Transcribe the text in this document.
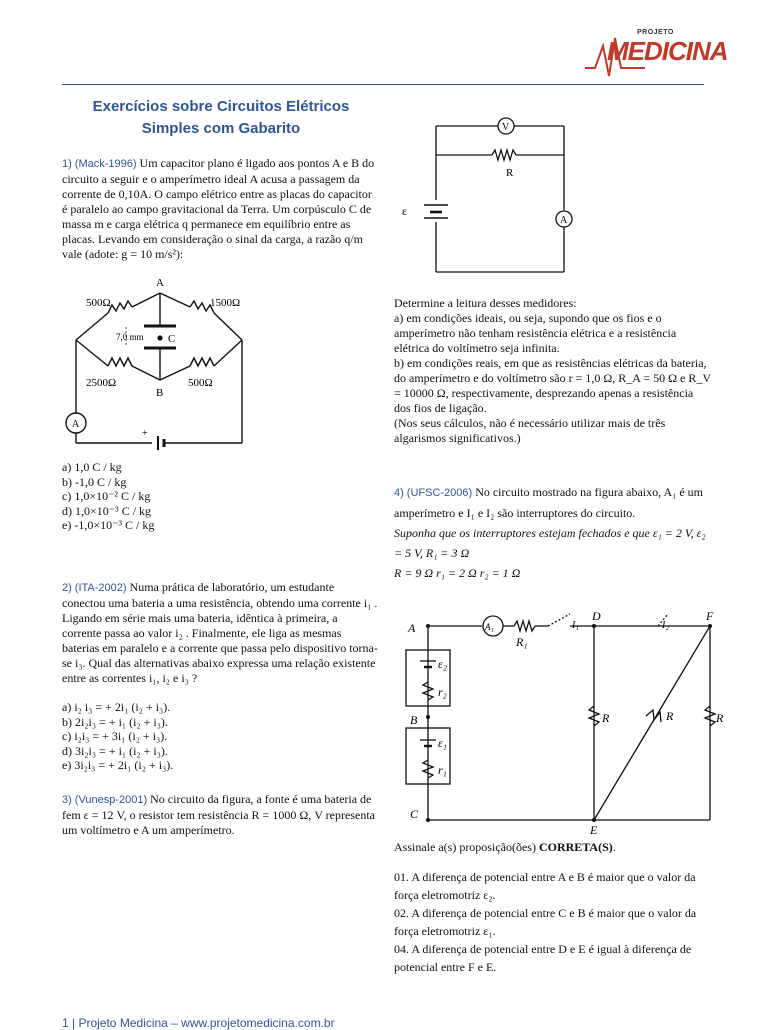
PROJETO
MEDICINA
Exercícios sobre Circuitos Elétricos
Simples com Gabarito
1) (Mack-1996) Um capacitor plano é ligado aos pontos A e B do circuito a seguir e o amperímetro ideal A acusa a passagem da corrente de 0,10A. O campo elétrico entre as placas do capacitor é paralelo ao campo gravitacional da Terra. Um corpúsculo C de massa m e carga elétrica q permanece em equilíbrio entre as placas. Levando em consideração o sinal da carga, a razão q/m vale (adote: g = 10 m/s²):
A
B
C
500Ω	1500Ω
2500Ω	500Ω
7,0 mm
A
+
a) 1,0 C / kg
b) -1,0 C / kg
c) 1,0×10⁻² C / kg
d) 1,0×10⁻³ C / kg
e) -1,0×10⁻³ C / kg
2) (ITA-2002) Numa prática de laboratório, um estudante conectou uma bateria a uma resistência, obtendo uma corrente i₁ . Ligando em série mais uma bateria, idêntica à primeira, a corrente passa ao valor i₂ . Finalmente, ele liga as mesmas baterias em paralelo e a corrente que passa pelo dispositivo torna-se i₃. Qual das alternativas abaixo expressa uma relação existente entre as correntes i₁, i₂ e i₃ ?
a) i₂ i₃ = + 2i₁ (i₂ + i₃).
b) 2i₂i₃ = + i₁ (i₂ + i₃).
c) i₂i₃ = + 3i₁ (i₂ + i₃).
d) 3i₂i₃ = + i₁ (i₂ + i₃).
e) 3i₂i₃ = + 2i₁ (i₂ + i₃).
3) (Vunesp-2001) No circuito da figura, a fonte é uma bateria de fem ε = 12 V, o resistor tem resistência R = 1000 Ω, V representa um voltímetro e A um amperímetro.
V
R
ε
A
Determine a leitura desses medidores:
a) em condições ideais, ou seja, supondo que os fios e o amperímetro não tenham resistência elétrica e a resistência elétrica do voltímetro seja infinita.
b) em condições reais, em que as resistências elétricas da bateria, do amperímetro e do voltímetro são r = 1,0 Ω, R_A = 50 Ω e R_V = 10000 Ω, respectivamente, desprezando apenas a resistência dos fios de ligação.
(Nos seus cálculos, não é necessário utilizar mais de três algarismos significativos.)
4) (UFSC-2006) No circuito mostrado na figura abaixo, A₁ é um amperímetro e I₁ e I₂ são interruptores do circuito.
Suponha que os interruptores estejam fechados e que ε₁ = 2 V, ε₂ = 5 V, R₁ = 3 Ω
R = 9 Ω r₁ = 2 Ω r₂ = 1 Ω
A
B
C
D
E
F
A₁
R₁
I₁	I₂
R	R	R
ε₂
r₂
ε₁
r₁
Assinale a(s) proposição(ões) CORRETA(S).
01. A diferença de potencial entre A e B é maior que o valor da força eletromotriz ε₂.
02. A diferença de potencial entre C e B é maior que o valor da força eletromotriz ε₁.
04. A diferença de potencial entre D e E é igual à diferença de potencial entre F e E.
1 | Projeto Medicina – www.projetomedicina.com.br
